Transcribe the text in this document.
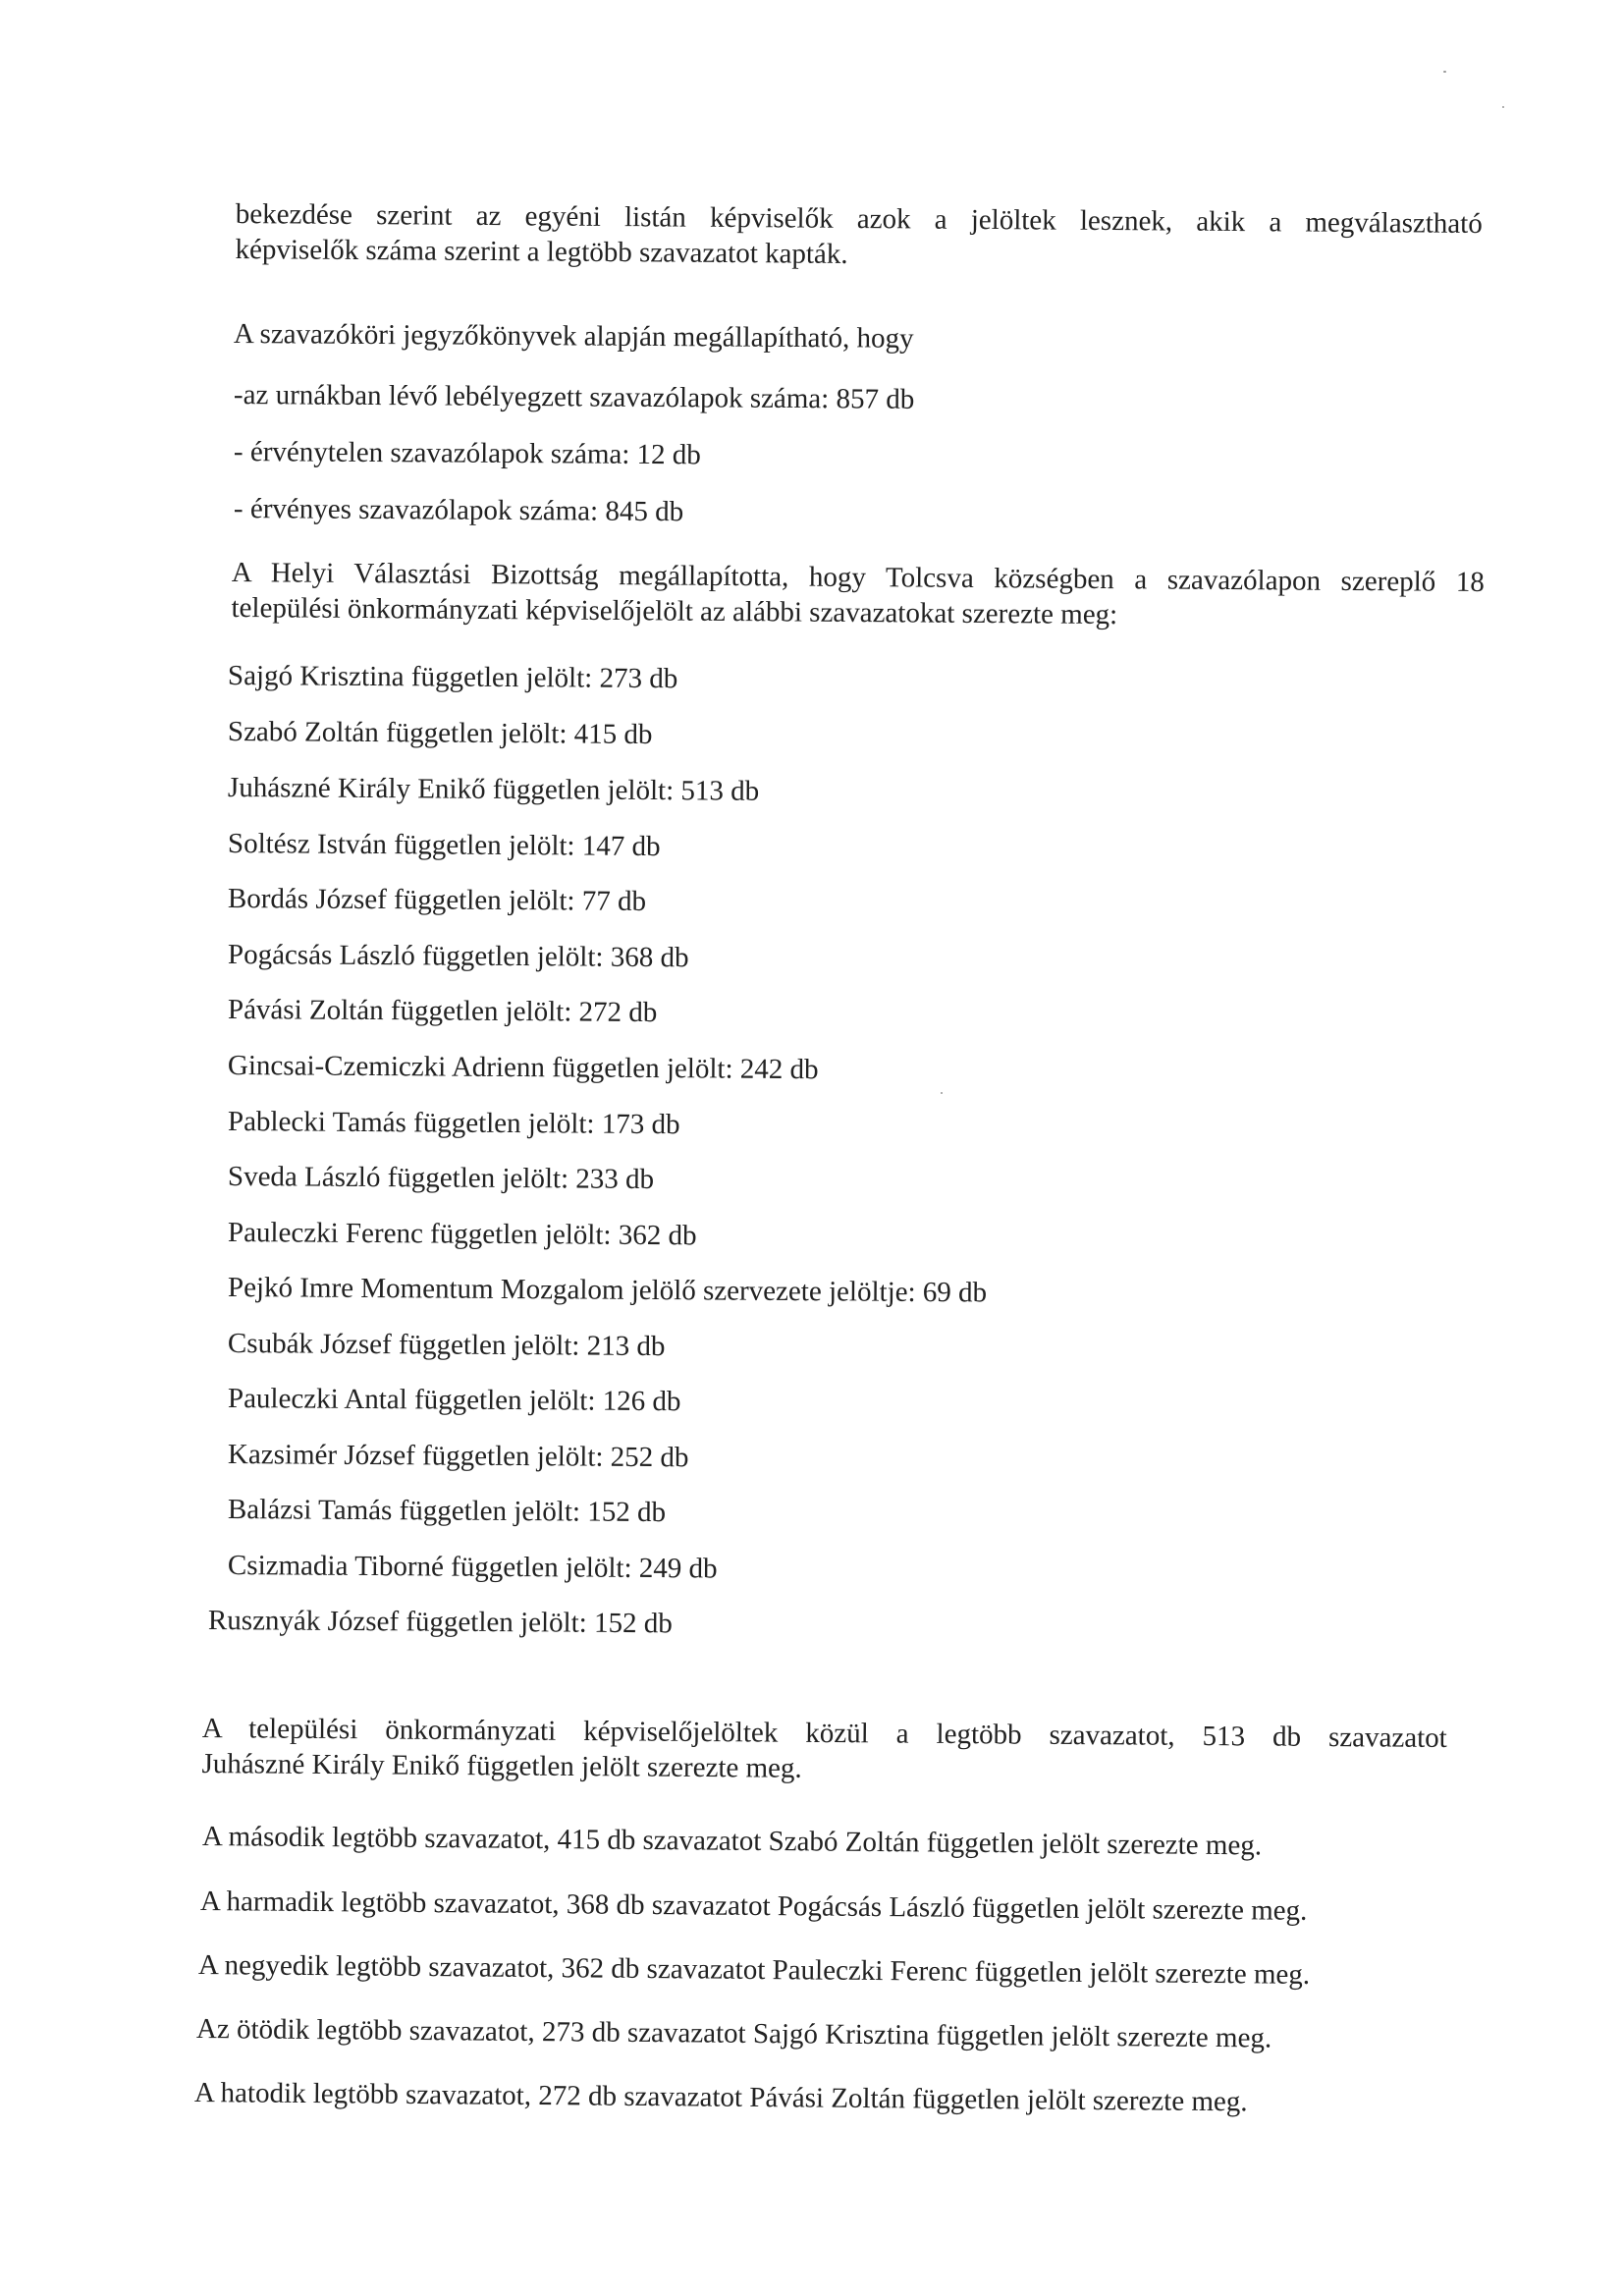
bekezdése szerint az egyéni listán képviselők azok a jelöltek lesznek, akik a megválasztható
képviselők száma szerint a legtöbb szavazatot kapták.
A szavazóköri jegyzőkönyvek alapján megállapítható, hogy
-az urnákban lévő lebélyegzett szavazólapok száma: 857 db
- érvénytelen szavazólapok száma: 12 db
- érvényes szavazólapok száma: 845 db
A Helyi Választási Bizottság megállapította, hogy Tolcsva községben a szavazólapon szereplő 18
települési önkormányzati képviselőjelölt az alábbi szavazatokat szerezte meg:
Sajgó Krisztina független jelölt: 273 db
Szabó Zoltán független jelölt: 415 db
Juhászné Király Enikő független jelölt: 513 db
Soltész István független jelölt: 147 db
Bordás József független jelölt: 77 db
Pogácsás László független jelölt: 368 db
Pávási Zoltán független jelölt: 272 db
Gincsai-Czemiczki Adrienn független jelölt: 242 db
Pablecki Tamás független jelölt: 173 db
Sveda László független jelölt: 233 db
Pauleczki Ferenc független jelölt: 362 db
Pejkó Imre Momentum Mozgalom jelölő szervezete jelöltje: 69 db
Csubák József független jelölt: 213 db
Pauleczki Antal független jelölt: 126 db
Kazsimér József független jelölt: 252 db
Balázsi Tamás független jelölt: 152 db
Csizmadia Tiborné független jelölt: 249 db
Rusznyák József független jelölt: 152 db
A települési önkormányzati képviselőjelöltek közül a legtöbb szavazatot, 513 db szavazatot
Juhászné Király Enikő független jelölt szerezte meg.
A második legtöbb szavazatot, 415 db szavazatot Szabó Zoltán független jelölt szerezte meg.
A harmadik legtöbb szavazatot, 368 db szavazatot Pogácsás László független jelölt szerezte meg.
A negyedik legtöbb szavazatot, 362 db szavazatot Pauleczki Ferenc független jelölt szerezte meg.
Az ötödik legtöbb szavazatot, 273 db szavazatot Sajgó Krisztina független jelölt szerezte meg.
A hatodik legtöbb szavazatot, 272 db szavazatot Pávási Zoltán független jelölt szerezte meg.
